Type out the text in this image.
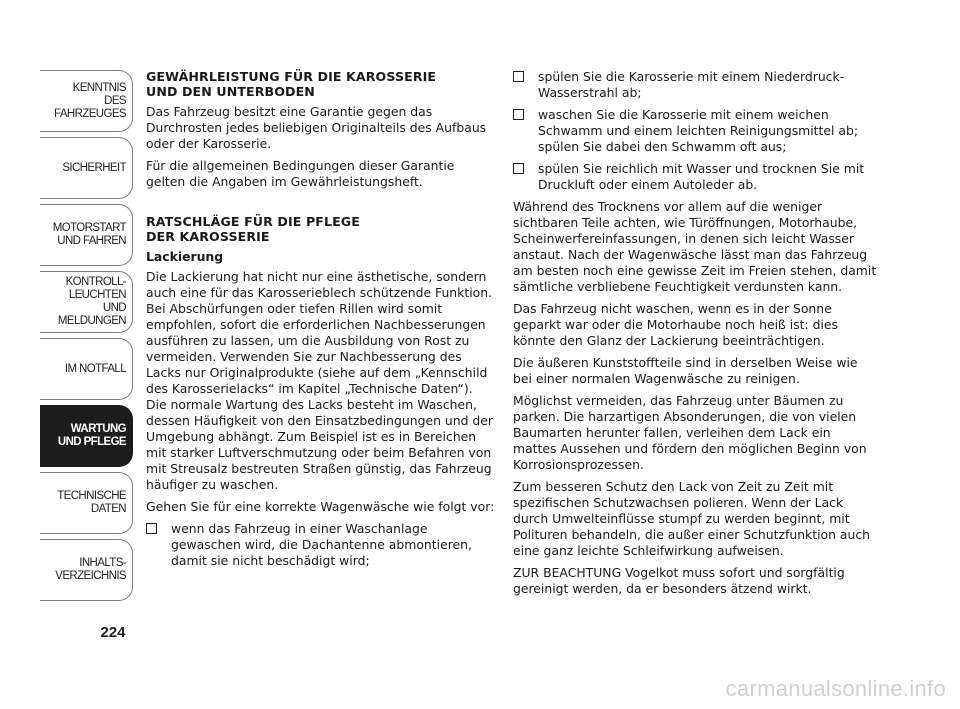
KENNTNIS
DES FAHRZEUGES
SICHERHEIT
MOTORSTART
UND FAHREN
KONTROLL-
LEUCHTEN
UND MELDUNGEN
IM NOTFALL
WARTUNG
UND PFLEGE
TECHNISCHE
DATEN
INHALTS-
VERZEICHNIS
224
GEWÄHRLEISTUNG FÜR DIE KAROSSERIE
UND DEN UNTERBODEN

Das Fahrzeug besitzt eine Garantie gegen das Durchrosten jedes beliebigen Originalteils des Aufbaus oder der Karosserie.

Für die allgemeinen Bedingungen dieser Garantie gelten die Angaben im Gewährleistungsheft.

RATSCHLÄGE FÜR DIE PFLEGE
DER KAROSSERIE
Lackierung

Die Lackierung hat nicht nur eine ästhetische, sondern auch eine für das Karosserieblech schützende Funktion. Bei Abschürfungen oder tiefen Rillen wird somit empfohlen, sofort die erforderlichen Nachbesserungen ausführen zu lassen, um die Ausbildung von Rost zu vermeiden. Verwenden Sie zur Nachbesserung des Lacks nur Originalprodukte (siehe auf dem „Kennschild des Karosserielacks“ im Kapitel „Technische Daten“). Die normale Wartung des Lacks besteht im Waschen, dessen Häufigkeit von den Einsatzbedingungen und der Umgebung abhängt. Zum Beispiel ist es in Bereichen mit starker Luftverschmutzung oder beim Befahren von mit Streusalz bestreuten Straßen günstig, das Fahrzeug häufiger zu waschen.

Gehen Sie für eine korrekte Wagenwäsche wie folgt vor:

wenn das Fahrzeug in einer Waschanlage gewaschen wird, die Dachantenne abmontieren, damit sie nicht beschädigt wird;
spülen Sie die Karosserie mit einem Niederdruck-Wasserstrahl ab;
waschen Sie die Karosserie mit einem weichen Schwamm und einem leichten Reinigungsmittel ab; spülen Sie dabei den Schwamm oft aus;
spülen Sie reichlich mit Wasser und trocknen Sie mit Druckluft oder einem Autoleder ab.

Während des Trocknens vor allem auf die weniger sichtbaren Teile achten, wie Türöffnungen, Motorhaube, Scheinwerfereinfassungen, in denen sich leicht Wasser anstaut. Nach der Wagenwäsche lässt man das Fahrzeug am besten noch eine gewisse Zeit im Freien stehen, damit sämtliche verbliebene Feuchtigkeit verdunsten kann.

Das Fahrzeug nicht waschen, wenn es in der Sonne geparkt war oder die Motorhaube noch heiß ist: dies könnte den Glanz der Lackierung beeinträchtigen.

Die äußeren Kunststoffteile sind in derselben Weise wie bei einer normalen Wagenwäsche zu reinigen.

Möglichst vermeiden, das Fahrzeug unter Bäumen zu parken. Die harzartigen Absonderungen, die von vielen Baumarten herunter fallen, verleihen dem Lack ein mattes Aussehen und fördern den möglichen Beginn von Korrosionsprozessen.

Zum besseren Schutz den Lack von Zeit zu Zeit mit spezifischen Schutzwachsen polieren. Wenn der Lack durch Umwelteinflüsse stumpf zu werden beginnt, mit Polituren behandeln, die außer einer Schutzfunktion auch eine ganz leichte Schleifwirkung aufweisen.

ZUR BEACHTUNG Vogelkot muss sofort und sorgfältig gereinigt werden, da er besonders ätzend wirkt.

carmanualsonline.info
